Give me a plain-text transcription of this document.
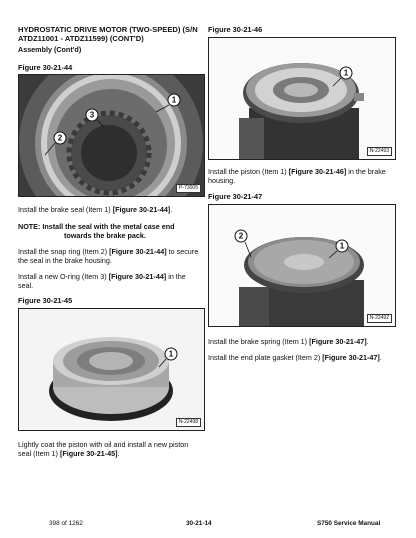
HYDROSTATIC DRIVE MOTOR (TWO-SPEED) (S/N
ATDZ11001 - ATDZ11599) (CONT'D)
Assembly (Cont'd)
Figure 30-21-44
1
2
3
P-73005

Install the brake seal (Item 1) [Figure 30-21-44].

NOTE: Install the seal with the metal case end
towards the brake pack.

Install the snap ring (Item 2) [Figure 30-21-44] to secure the seal in the brake housing.

Install a new O-ring (Item 3) [Figure 30-21-44] in the seal.

Figure 30-21-45
1
N-22498

Lightly coat the piston with oil and install a new piston seal (Item 1) [Figure 30-21-45].

Figure 30-21-46
1
N-22493

Install the piston (Item 1) [Figure 30-21-46] in the brake housing.

Figure 30-21-47
1
2
N-22492

Install the brake spring (Item 1) [Figure 30-21-47].

Install the end plate gasket (Item 2) [Figure 30-21-47].

398 of 1262	30-21-14	S750 Service Manual
